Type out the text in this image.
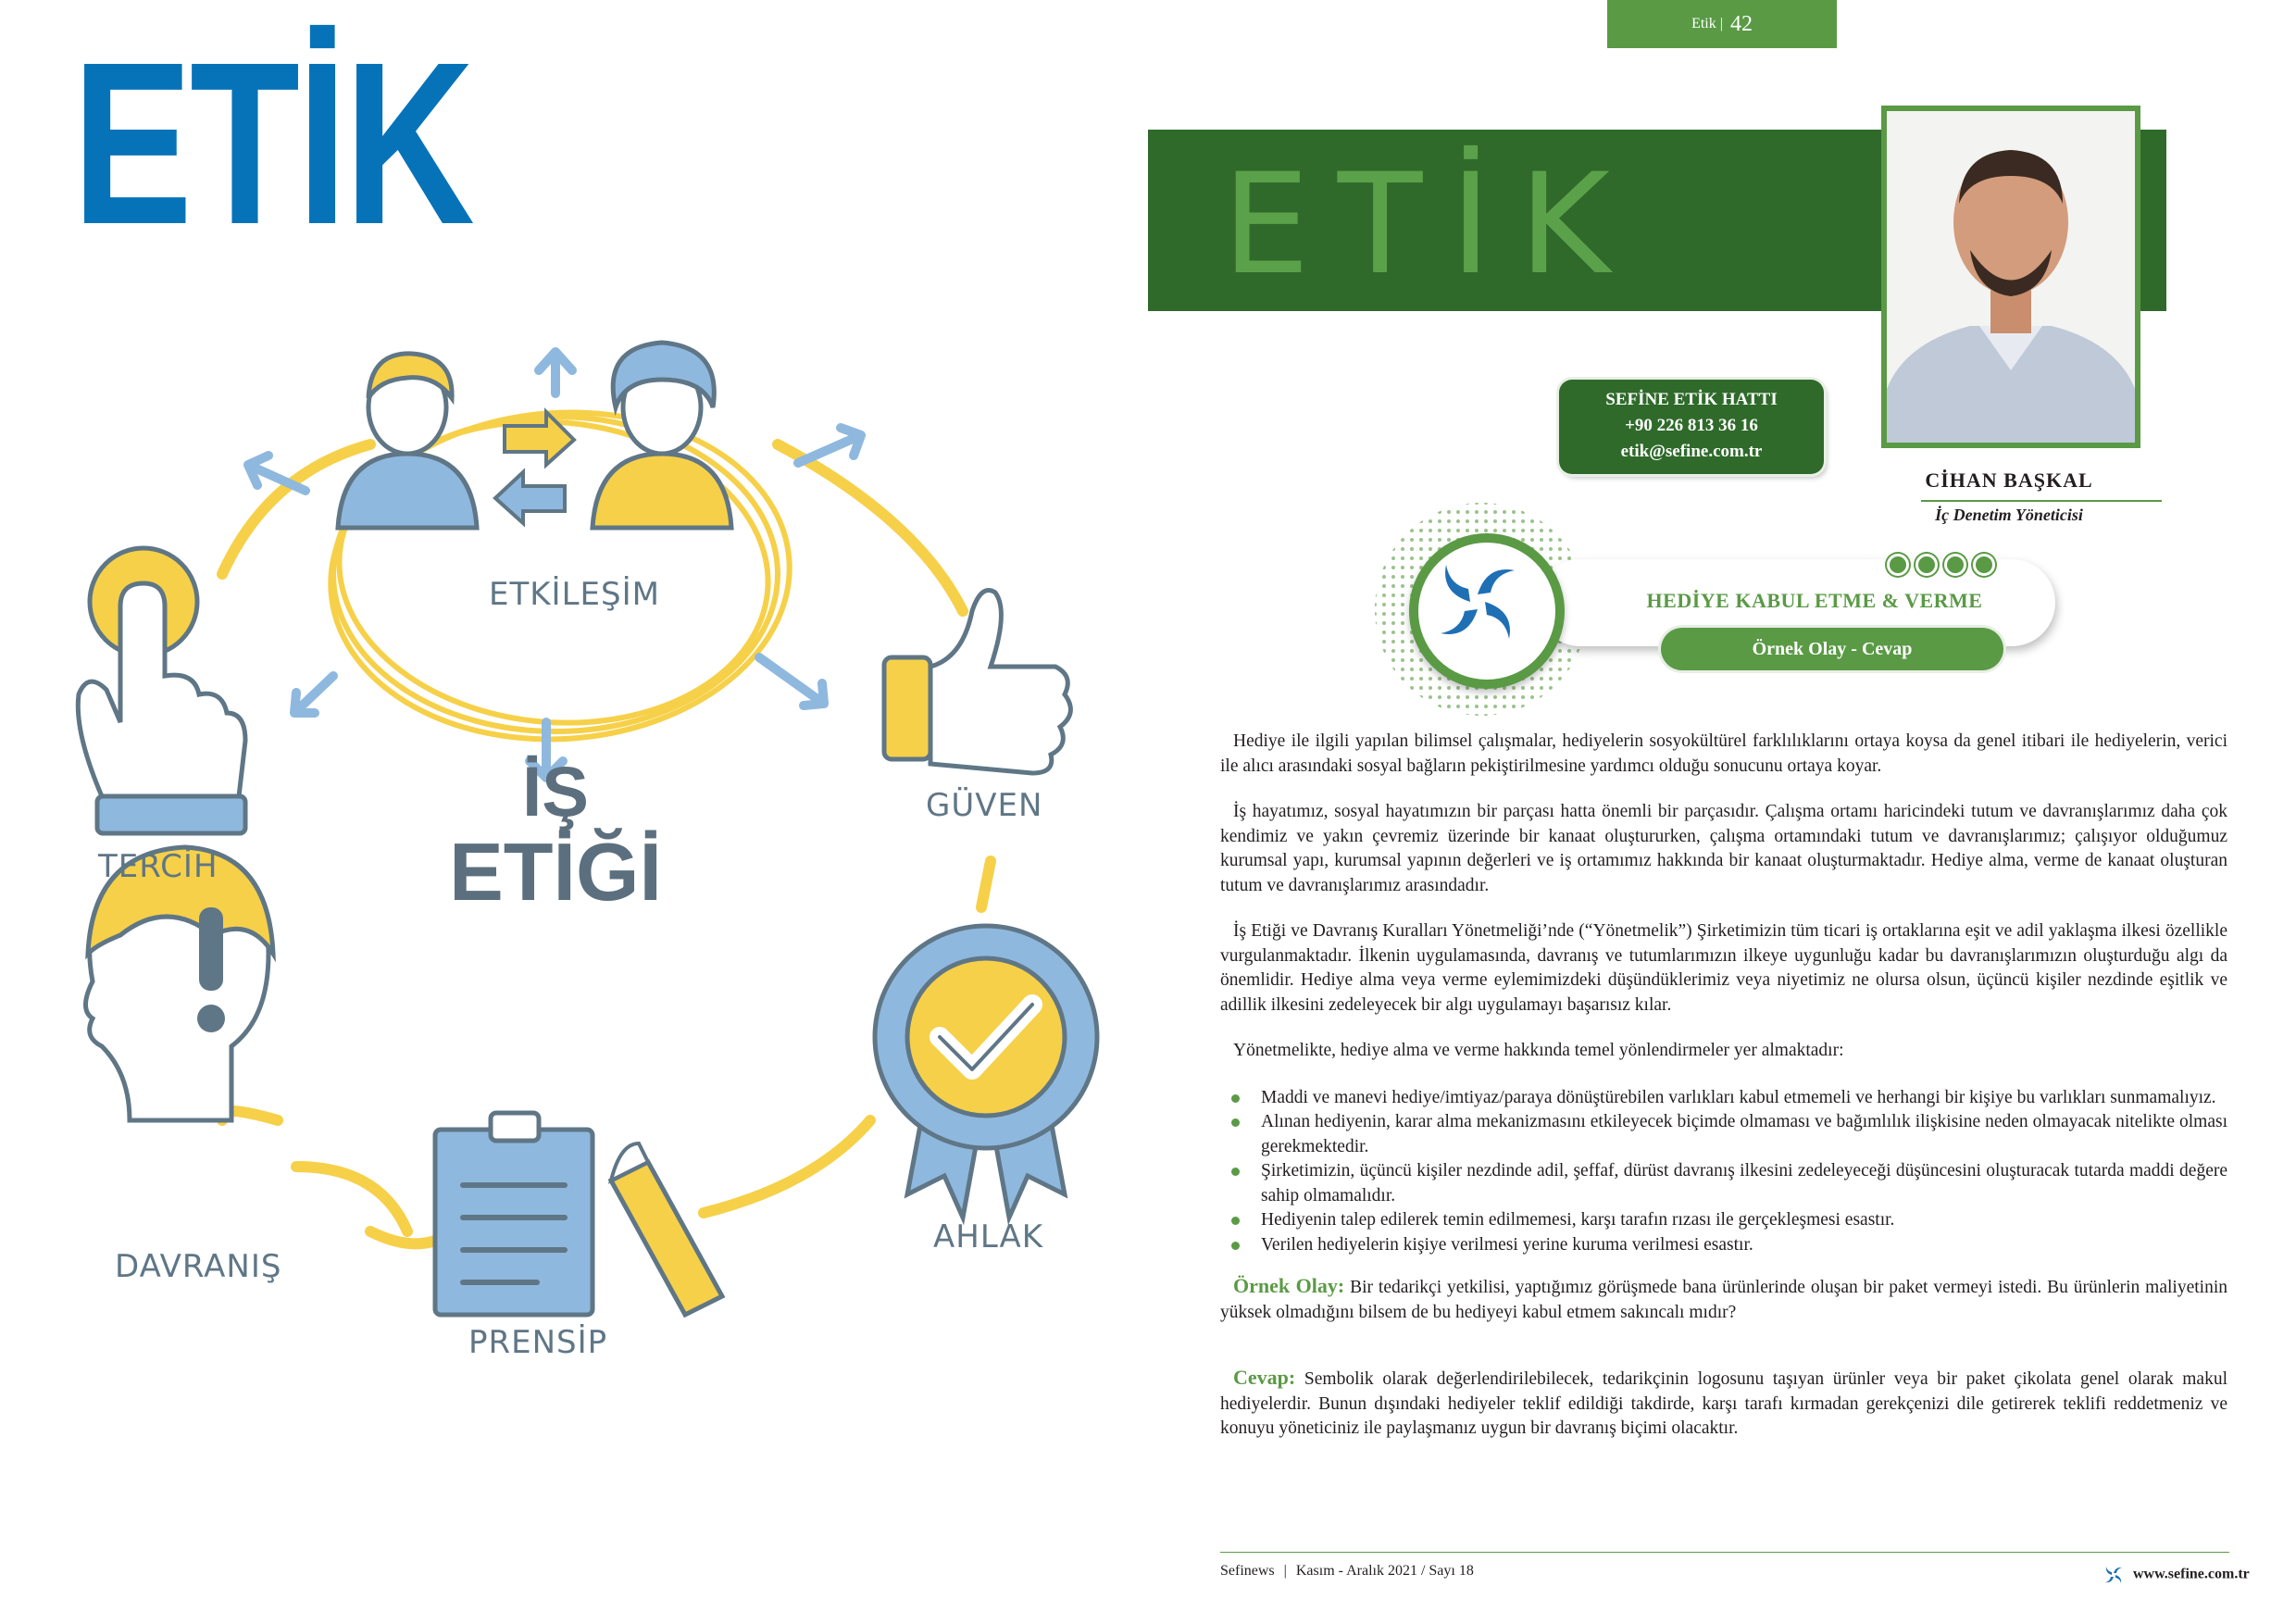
ETİK
İŞ
ETİĞİ
ETKİLEŞİM
GÜVEN
AHLAK
PRENSİP
DAVRANIŞ
TERCİH
Etik | 42
ETİK
CİHAN BAŞKAL
İç Denetim Yöneticisi
SEFİNE ETİK HATTI
+90 226 813 36 16
etik@sefine.com.tr
HEDİYE KABUL ETME & VERME
Örnek Olay - Cevap

Hediye ile ilgili yapılan bilimsel çalışmalar, hediyelerin sosyokültürel farklılıklarını ortaya koysa da genel itibari ile hediyelerin, verici ile alıcı arasındaki sosyal bağların pekiştirilmesine yardımcı olduğu sonucunu ortaya koyar.

İş hayatımız, sosyal hayatımızın bir parçası hatta önemli bir parçasıdır. Çalışma ortamı haricindeki tutum ve davranışlarımız daha çok kendimiz ve yakın çevremiz üzerinde bir kanaat oluştururken, çalışma ortamındaki tutum ve davranışlarımız; çalışıyor olduğumuz kurumsal yapı, kurumsal yapının değerleri ve iş ortamımız hakkında bir kanaat oluşturmaktadır. Hediye alma, verme de kanaat oluşturan tutum ve davranışlarımız arasındadır.

İş Etiği ve Davranış Kuralları Yönetmeliği’nde (“Yönetmelik”) Şirketimizin tüm ticari iş ortaklarına eşit ve adil yaklaşma ilkesi özellikle vurgulanmaktadır. İlkenin uygulamasında, davranış ve tutumlarımızın ilkeye uygunluğu kadar bu davranışlarımızın oluşturduğu algı da önemlidir. Hediye alma veya verme eylemimizdeki düşündüklerimiz veya niyetimiz ne olursa olsun, üçüncü kişiler nezdinde eşitlik ve adillik ilkesini zedeleyecek bir algı uygulamayı başarısız kılar.

Yönetmelikte, hediye alma ve verme hakkında temel yönlendirmeler yer almaktadır:

Maddi ve manevi hediye/imtiyaz/paraya dönüştürebilen varlıkları kabul etmemeli ve herhangi bir kişiye bu varlıkları sunmamalıyız.
Alınan hediyenin, karar alma mekanizmasını etkileyecek biçimde olmaması ve bağımlılık ilişkisine neden olmayacak nitelikte olması gerekmektedir.
Şirketimizin, üçüncü kişiler nezdinde adil, şeffaf, dürüst davranış ilkesini zedeleyeceği düşüncesini oluşturacak tutarda maddi değere sahip olmamalıdır.
Hediyenin talep edilerek temin edilmemesi, karşı tarafın rızası ile gerçekleşmesi esastır.
Verilen hediyelerin kişiye verilmesi yerine kuruma verilmesi esastır.

Örnek Olay: Bir tedarikçi yetkilisi, yaptığımız görüşmede bana ürünlerinde oluşan bir paket vermeyi istedi. Bu ürünlerin maliyetinin yüksek olmadığını bilsem de bu hediyeyi kabul etmem sakıncalı mıdır?

Cevap: Sembolik olarak değerlendirilebilecek, tedarikçinin logosunu taşıyan ürünler veya bir paket çikolata genel olarak makul hediyelerdir. Bunun dışındaki hediyeler teklif edildiği takdirde, karşı tarafı kırmadan gerekçenizi dile getirerek teklifi reddetmeniz ve konuyu yöneticiniz ile paylaşmanız uygun bir davranış biçimi olacaktır.

Sefinews | Kasım - Aralık 2021 / Sayı 18	www.sefine.com.tr
